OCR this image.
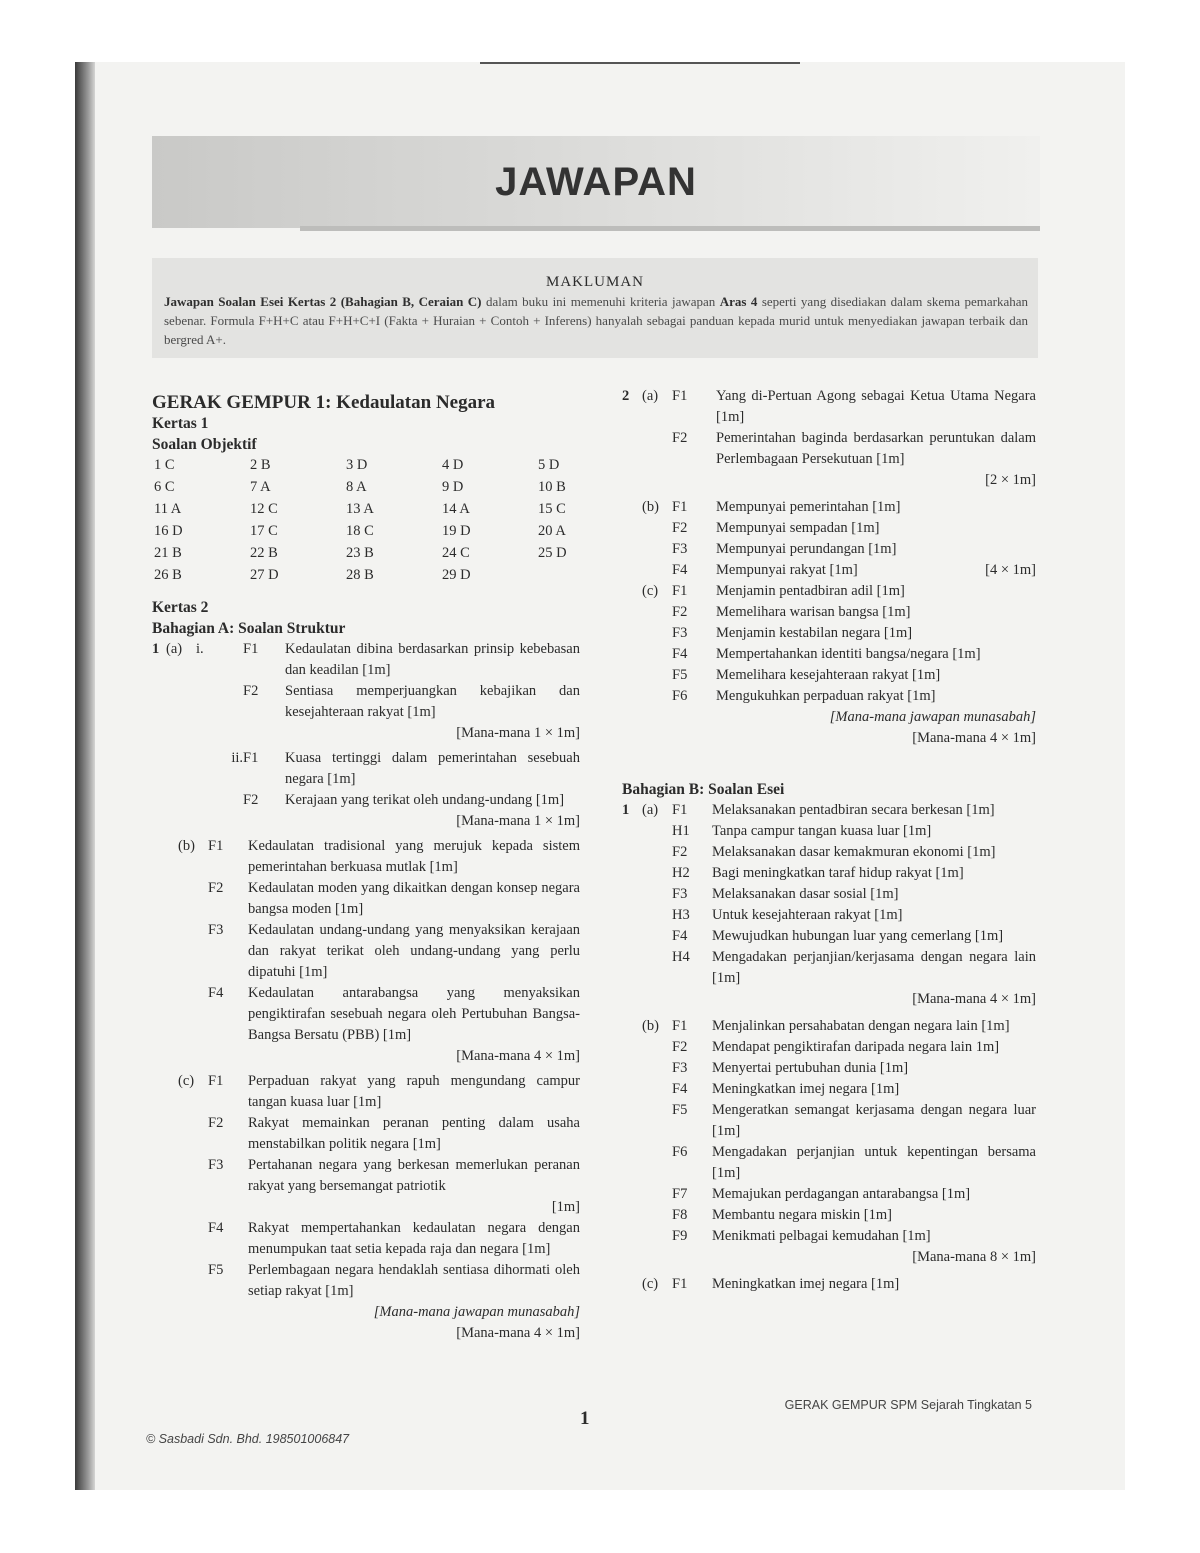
JAWAPAN
MAKLUMAN
Jawapan Soalan Esei Kertas 2 (Bahagian B, Ceraian C) dalam buku ini memenuhi kriteria jawapan Aras 4 seperti yang disediakan dalam skema pemarkahan sebenar. Formula F+H+C atau F+H+C+I (Fakta + Huraian + Contoh + Inferens) hanyalah sebagai panduan kepada murid untuk menyediakan jawapan terbaik dan bergred A+.
GERAK GEMPUR 1: Kedaulatan Negara
Kertas 1
Soalan Objektif
1 C	2 B	3 D	4 D	5 D
6 C	7 A	8 A	9 D	10 B
11 A	12 C	13 A	14 A	15 C
16 D	17 C	18 C	19 D	20 A
21 B	22 B	23 B	24 C	25 D
26 B	27 D	28 B	29 D
Kertas 2
Bahagian A: Soalan Struktur
1 (a) i.	F1	Kedaulatan dibina berdasarkan prinsip kebebasan dan keadilan [1m]
F2	Sentiasa memperjuangkan kebajikan dan kesejahteraan rakyat [1m]
[Mana-mana 1 × 1m]
ii. F1	Kuasa tertinggi dalam pemerintahan sesebuah negara [1m]
F2	Kerajaan yang terikat oleh undang-undang [1m]
[Mana-mana 1 × 1m]
(b) F1	Kedaulatan tradisional yang merujuk kepada sistem pemerintahan berkuasa mutlak [1m]
F2	Kedaulatan moden yang dikaitkan dengan konsep negara bangsa moden [1m]
F3	Kedaulatan undang-undang yang menyaksikan kerajaan dan rakyat terikat oleh undang-undang yang perlu dipatuhi [1m]
F4	Kedaulatan antarabangsa yang menyaksikan pengiktirafan sesebuah negara oleh Pertubuhan Bangsa-Bangsa Bersatu (PBB) [1m]
[Mana-mana 4 × 1m]
(c) F1	Perpaduan rakyat yang rapuh mengundang campur tangan kuasa luar [1m]
F2	Rakyat memainkan peranan penting dalam usaha menstabilkan politik negara [1m]
F3	Pertahanan negara yang berkesan memerlukan peranan rakyat yang bersemangat patriotik
[1m]
F4	Rakyat mempertahankan kedaulatan negara dengan menumpukan taat setia kepada raja dan negara [1m]
F5	Perlembagaan negara hendaklah sentiasa dihormati oleh setiap rakyat [1m]
[Mana-mana jawapan munasabah]
[Mana-mana 4 × 1m]
2 (a) F1	Yang di-Pertuan Agong sebagai Ketua Utama Negara [1m]
F2	Pemerintahan baginda berdasarkan peruntukan dalam Perlembagaan Persekutuan [1m]
[2 × 1m]
(b) F1	Mempunyai pemerintahan [1m]
F2	Mempunyai sempadan [1m]
F3	Mempunyai perundangan [1m]
F4	Mempunyai rakyat [1m]	[4 × 1m]
(c) F1	Menjamin pentadbiran adil [1m]
F2	Memelihara warisan bangsa [1m]
F3	Menjamin kestabilan negara [1m]
F4	Mempertahankan identiti bangsa/negara [1m]
F5	Memelihara kesejahteraan rakyat [1m]
F6	Mengukuhkan perpaduan rakyat [1m]
[Mana-mana jawapan munasabah]
[Mana-mana 4 × 1m]
Bahagian B: Soalan Esei
1 (a) F1	Melaksanakan pentadbiran secara berkesan [1m]
H1	Tanpa campur tangan kuasa luar [1m]
F2	Melaksanakan dasar kemakmuran ekonomi [1m]
H2	Bagi meningkatkan taraf hidup rakyat [1m]
F3	Melaksanakan dasar sosial [1m]
H3	Untuk kesejahteraan rakyat [1m]
F4	Mewujudkan hubungan luar yang cemerlang [1m]
H4	Mengadakan perjanjian/kerjasama dengan negara lain [1m]
[Mana-mana 4 × 1m]
(b) F1	Menjalinkan persahabatan dengan negara lain [1m]
F2	Mendapat pengiktirafan daripada negara lain 1m]
F3	Menyertai pertubuhan dunia [1m]
F4	Meningkatkan imej negara [1m]
F5	Mengeratkan semangat kerjasama dengan negara luar [1m]
F6	Mengadakan perjanjian untuk kepentingan bersama [1m]
F7	Memajukan perdagangan antarabangsa [1m]
F8	Membantu negara miskin [1m]
F9	Menikmati pelbagai kemudahan [1m]
[Mana-mana 8 × 1m]
(c) F1	Meningkatkan imej negara [1m]
1
GERAK GEMPUR SPM Sejarah Tingkatan 5
© Sasbadi Sdn. Bhd. 198501006847
